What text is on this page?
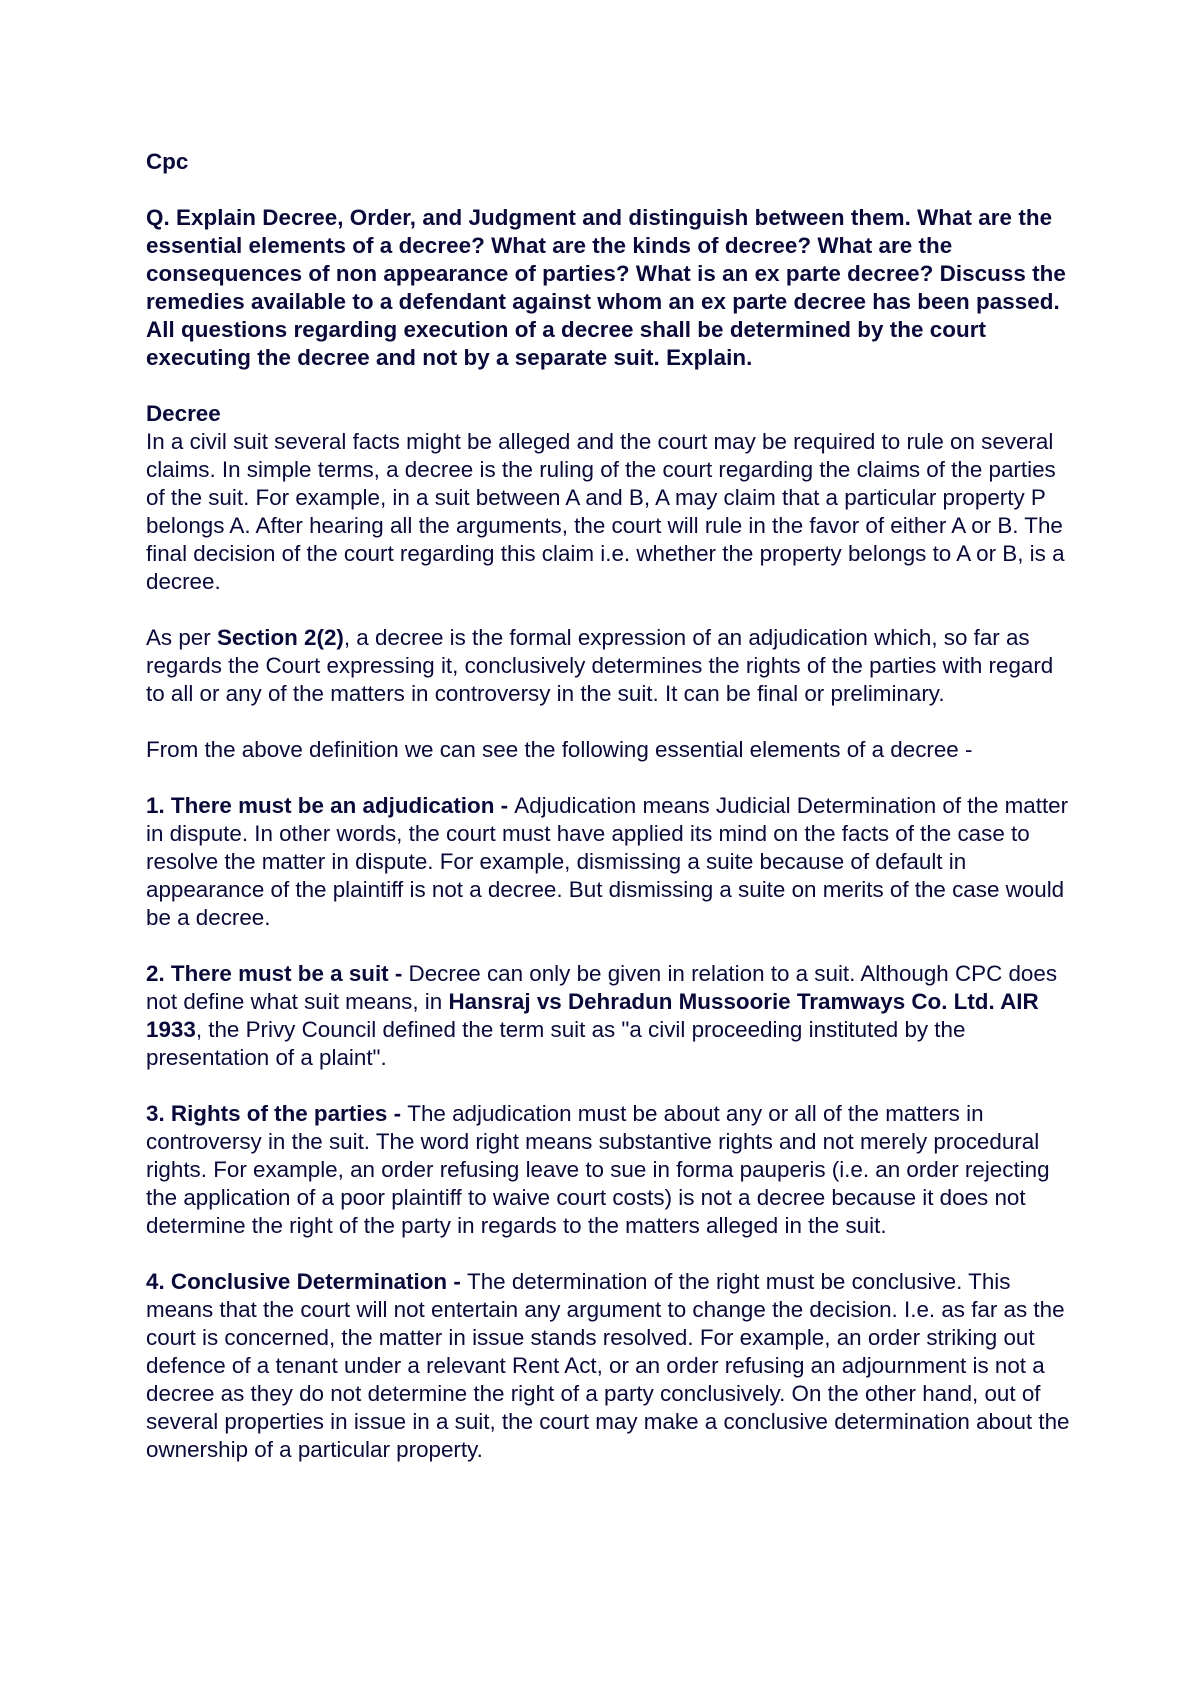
Cpc
Q. Explain Decree, Order, and Judgment and distinguish between them. What are the essential elements of a decree? What are the kinds of decree? What are the consequences of non appearance of parties? What is an ex parte decree? Discuss the remedies available to a defendant against whom an ex parte decree has been passed. All questions regarding execution of a decree shall be determined by the court executing the decree and not by a separate suit. Explain.
Decree
In a civil suit several facts might be alleged and the court may be required to rule on several claims. In simple terms, a decree is the ruling of the court regarding the claims of the parties of the suit. For example, in a suit between A and B, A may claim that a particular property P belongs A. After hearing all the arguments, the court will rule in the favor of either A or B. The final decision of the court regarding this claim i.e. whether the property belongs to A or B, is a decree.
As per Section 2(2), a decree is the formal expression of an adjudication which, so far as regards the Court expressing it, conclusively determines the rights of the parties with regard to all or any of the matters in controversy in the suit. It can be final or preliminary.
From the above definition we can see the following essential elements of a decree -
1. There must be an adjudication - Adjudication means Judicial Determination of the matter in dispute. In other words, the court must have applied its mind on the facts of the case to resolve the matter in dispute. For example, dismissing a suite because of default in appearance of the plaintiff is not a decree. But dismissing a suite on merits of the case would be a decree.
2. There must be a suit - Decree can only be given in relation to a suit. Although CPC does not define what suit means, in Hansraj vs Dehradun Mussoorie Tramways Co. Ltd. AIR 1933, the Privy Council defined the term suit as "a civil proceeding instituted by the presentation of a plaint".
3. Rights of the parties - The adjudication must be about any or all of the matters in controversy in the suit. The word right means substantive rights and not merely procedural rights. For example, an order refusing leave to sue in forma pauperis (i.e. an order rejecting the application of a poor plaintiff to waive court costs) is not a decree because it does not determine the right of the party in regards to the matters alleged in the suit.
4. Conclusive Determination - The determination of the right must be conclusive. This means that the court will not entertain any argument to change the decision. I.e. as far as the court is concerned, the matter in issue stands resolved. For example, an order striking out defence of a tenant under a relevant Rent Act, or an order refusing an adjournment is not a decree as they do not determine the right of a party conclusively. On the other hand, out of several properties in issue in a suit, the court may make a conclusive determination about the ownership of a particular property.
